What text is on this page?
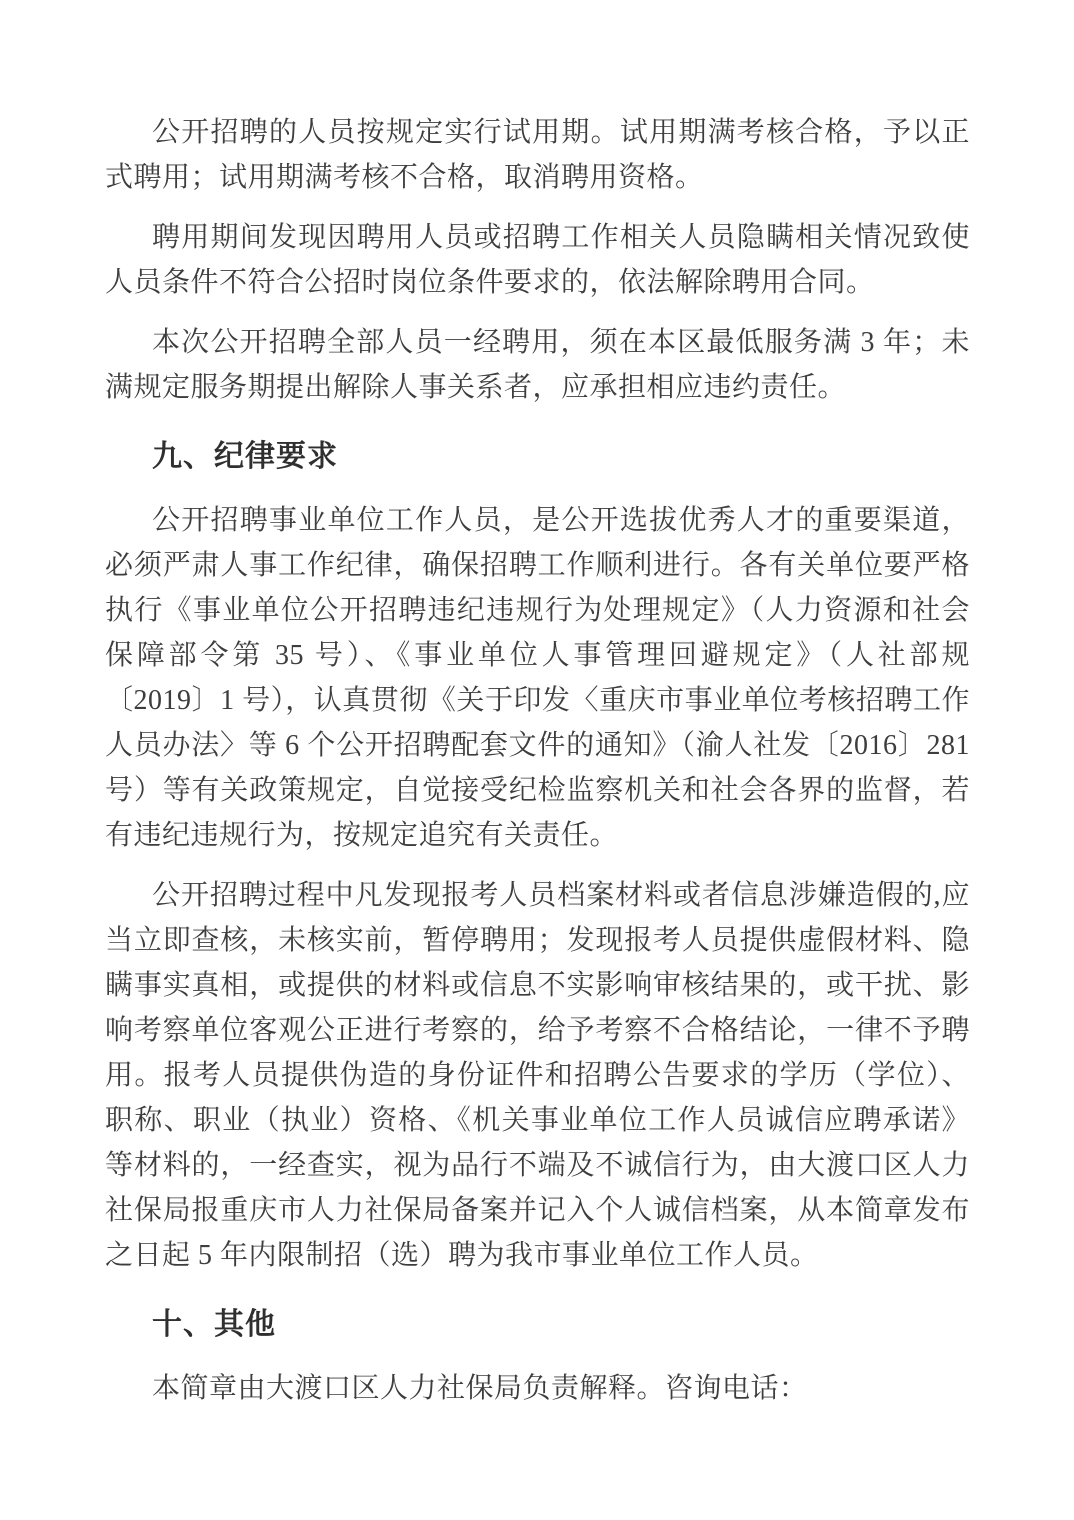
公开招聘的人员按规定实行试用期。试用期满考核合格，予以正式聘用；试用期满考核不合格，取消聘用资格。

聘用期间发现因聘用人员或招聘工作相关人员隐瞒相关情况致使人员条件不符合公招时岗位条件要求的，依法解除聘用合同。

本次公开招聘全部人员一经聘用，须在本区最低服务满 3 年；未满规定服务期提出解除人事关系者，应承担相应违约责任。

九、纪律要求

公开招聘事业单位工作人员，是公开选拔优秀人才的重要渠道，必须严肃人事工作纪律，确保招聘工作顺利进行。各有关单位要严格执行《事业单位公开招聘违纪违规行为处理规定》（人力资源和社会保障部令第 35 号）、《事业单位人事管理回避规定》（人社部规〔2019〕1 号），认真贯彻《关于印发〈重庆市事业单位考核招聘工作人员办法〉等 6 个公开招聘配套文件的通知》（渝人社发〔2016〕281 号）等有关政策规定，自觉接受纪检监察机关和社会各界的监督，若有违纪违规行为，按规定追究有关责任。

公开招聘过程中凡发现报考人员档案材料或者信息涉嫌造假的,应当立即查核，未核实前，暂停聘用；发现报考人员提供虚假材料、隐瞒事实真相，或提供的材料或信息不实影响审核结果的，或干扰、影响考察单位客观公正进行考察的，给予考察不合格结论，一律不予聘用。报考人员提供伪造的身份证件和招聘公告要求的学历（学位）、职称、职业（执业）资格、《机关事业单位工作人员诚信应聘承诺》等材料的，一经查实，视为品行不端及不诚信行为，由大渡口区人力社保局报重庆市人力社保局备案并记入个人诚信档案，从本简章发布之日起 5 年内限制招（选）聘为我市事业单位工作人员。

十、其他

本简章由大渡口区人力社保局负责解释。咨询电话：
